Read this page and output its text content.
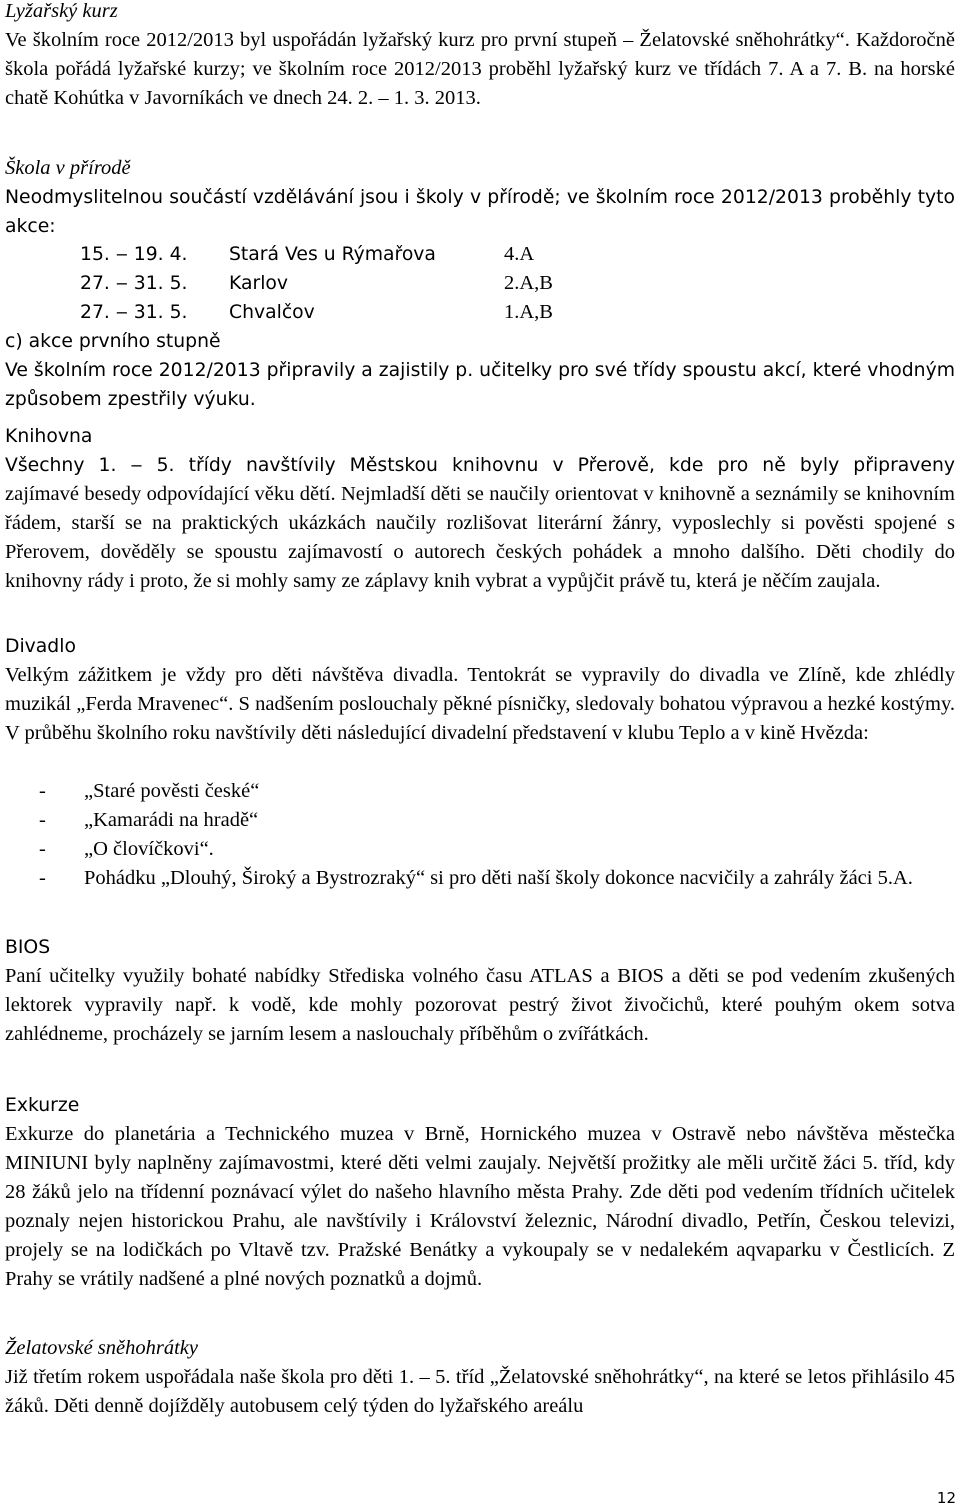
Lyžařský kurz
Ve školním roce 2012/2013 byl uspořádán lyžařský kurz pro první stupeň ‒ Želatovské sněhohrátky“. Každoročně škola pořádá lyžařské kurzy; ve školním roce 2012/2013 proběhl lyžařský kurz ve třídách 7. A a 7. B. na horské chatě Kohútka v Javorníkách ve dnech 24. 2. ‒ 1. 3. 2013.
Škola v přírodě
Neodmyslitelnou součástí vzdělávání jsou i školy v přírodě; ve školním roce 2012/2013 proběhly tyto akce:
15. ‒ 19. 4. Stará Ves u Rýmařova	4.A
27. ‒ 31. 5. Karlov	2.A,B
27. ‒ 31. 5. Chvalčov	1.A,B
c) akce prvního stupně
Ve školním roce 2012/2013 připravily a zajistily p. učitelky pro své třídy spoustu akcí, které vhodným způsobem zpestřily výuku.
Knihovna
Všechny 1. ‒ 5. třídy navštívily Městskou knihovnu v Přerově, kde pro ně byly připraveny
zajímavé besedy odpovídající věku dětí. Nejmladší děti se naučily orientovat v knihovně a seznámily se knihovním řádem, starší se na praktických ukázkách naučily rozlišovat literární žánry, vyposlechly si pověsti spojené s Přerovem, dověděly se spoustu zajímavostí o autorech českých pohádek a mnoho dalšího. Děti chodily do knihovny rády i proto, že si mohly samy ze záplavy knih vybrat a vypůjčit právě tu, která je něčím zaujala.
Divadlo
Velkým zážitkem je vždy pro děti návštěva divadla. Tentokrát se vypravily do divadla ve Zlíně, kde zhlédly muzikál „Ferda Mravenec“. S nadšením poslouchaly pěkné písničky, sledovaly bohatou výpravou a hezké kostýmy. V průběhu školního roku navštívily děti následující divadelní představení v klubu Teplo a v kině Hvězda:
- „Staré pověsti české“
- „Kamarádi na hradě“
- „O človíčkovi“.
- Pohádku „Dlouhý, Široký a Bystrozraký“ si pro děti naší školy dokonce nacvičily a zahrály žáci 5.A.
BIOS
Paní učitelky využily bohaté nabídky Střediska volného času ATLAS a BIOS a děti se pod vedením zkušených lektorek vypravily např. k vodě, kde mohly pozorovat pestrý život živočichů, které pouhým okem sotva zahlédneme, procházely se jarním lesem a naslouchaly příběhům o zvířátkách.
Exkurze
Exkurze do planetária a Technického muzea v Brně, Hornického muzea v Ostravě nebo návštěva městečka MINIUNI byly naplněny zajímavostmi, které děti velmi zaujaly. Největší prožitky ale měli určitě žáci 5. tříd, kdy 28 žáků jelo na třídenní poznávací výlet do našeho hlavního města Prahy. Zde děti pod vedením třídních učitelek poznaly nejen historickou Prahu, ale navštívily i Království železnic, Národní divadlo, Petřín, Českou televizi, projely se na lodičkách po Vltavě tzv. Pražské Benátky a vykoupaly se v nedalekém aqvaparku v Čestlicích. Z Prahy se vrátily nadšené a plné nových poznatků a dojmů.
Želatovské sněhohrátky
Již třetím rokem uspořádala naše škola pro děti 1. ‒ 5. tříd „Želatovské sněhohrátky“, na které se letos přihlásilo 45 žáků. Děti denně dojížděly autobusem celý týden do lyžařského areálu
12
